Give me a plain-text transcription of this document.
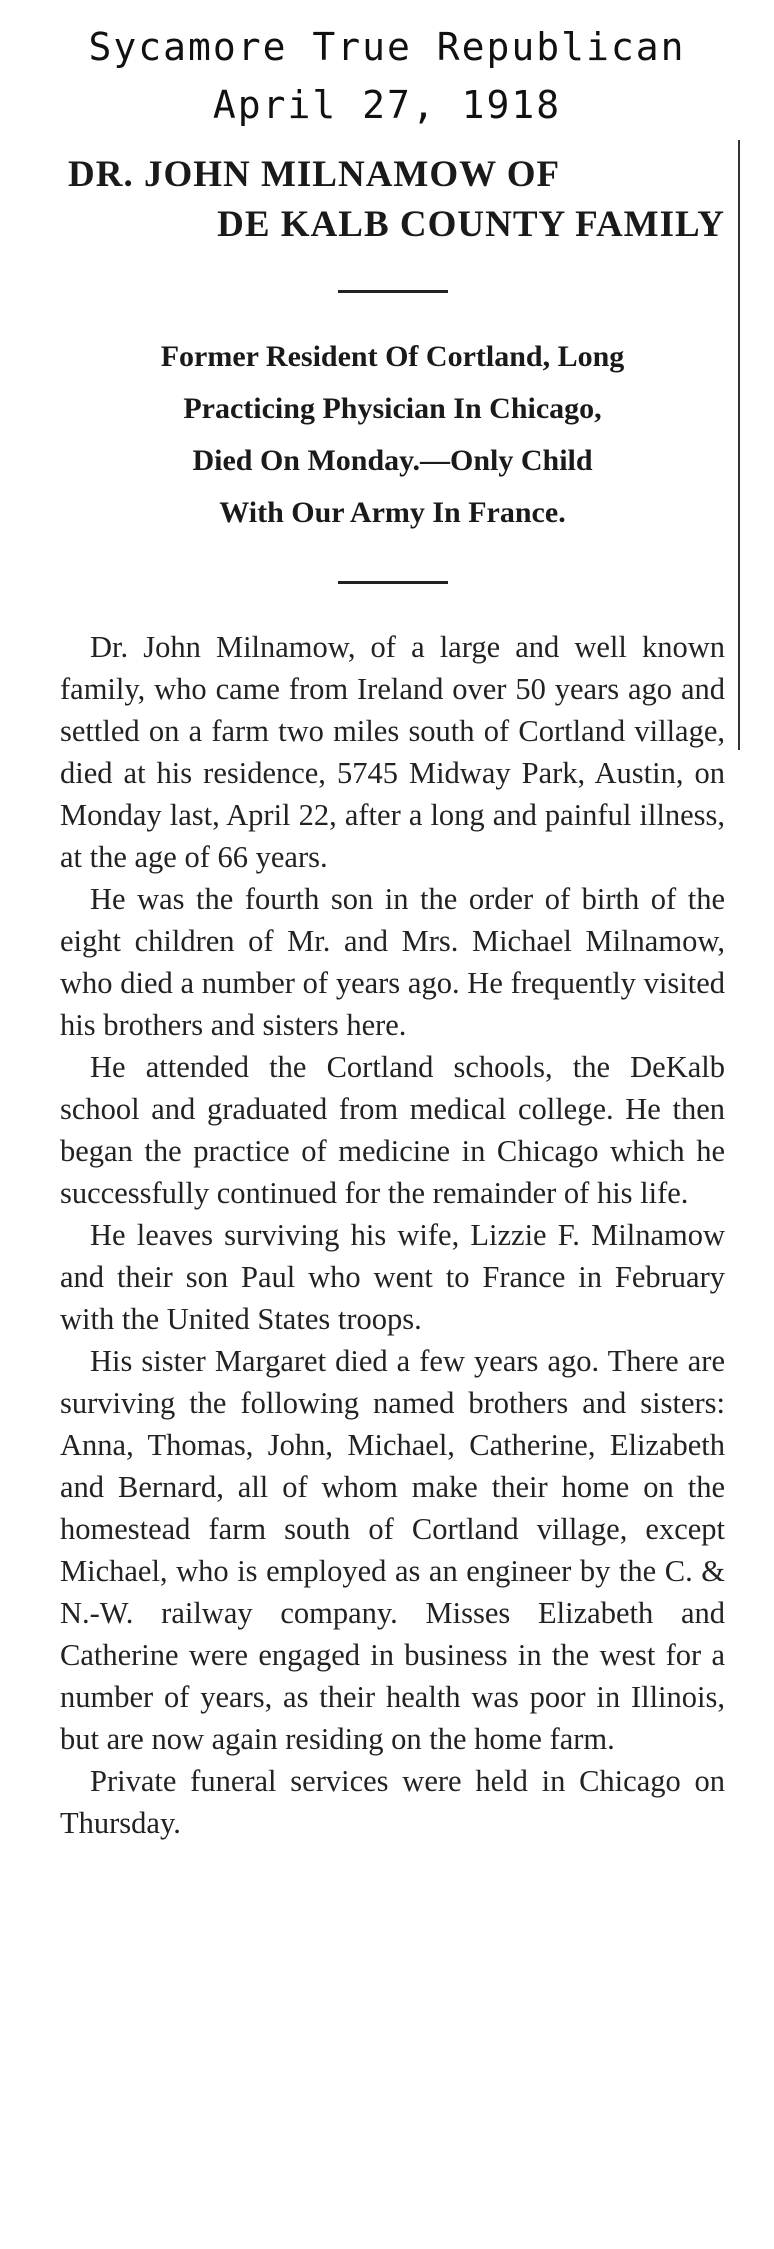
Sycamore True Republican
April 27, 1918
DR. JOHN MILNAMOW OF
DE KALB COUNTY FAMILY
Former Resident Of Cortland, Long
Practicing Physician In Chicago,
Died On Monday.—Only Child
With Our Army In France.

Dr. John Milnamow, of a large and well known family, who came from Ireland over 50 years ago and settled on a farm two miles south of Cortland village, died at his residence, 5745 Midway Park, Austin, on Monday last, April 22, after a long and painful illness, at the age of 66 years.

He was the fourth son in the order of birth of the eight children of Mr. and Mrs. Michael Milnamow, who died a number of years ago. He frequently visited his brothers and sisters here.

He attended the Cortland schools, the DeKalb school and graduated from medical college. He then began the practice of medicine in Chicago which he successfully continued for the remainder of his life.

He leaves surviving his wife, Lizzie F. Milnamow and their son Paul who went to France in February with the United States troops.

His sister Margaret died a few years ago. There are surviving the following named brothers and sisters: Anna, Thomas, John, Michael, Catherine, Elizabeth and Bernard, all of whom make their home on the homestead farm south of Cortland village, except Michael, who is employed as an engineer by the C. & N.-W. railway company. Misses Elizabeth and Catherine were engaged in business in the west for a number of years, as their health was poor in Illinois, but are now again residing on the home farm.

Private funeral services were held in Chicago on Thursday.
